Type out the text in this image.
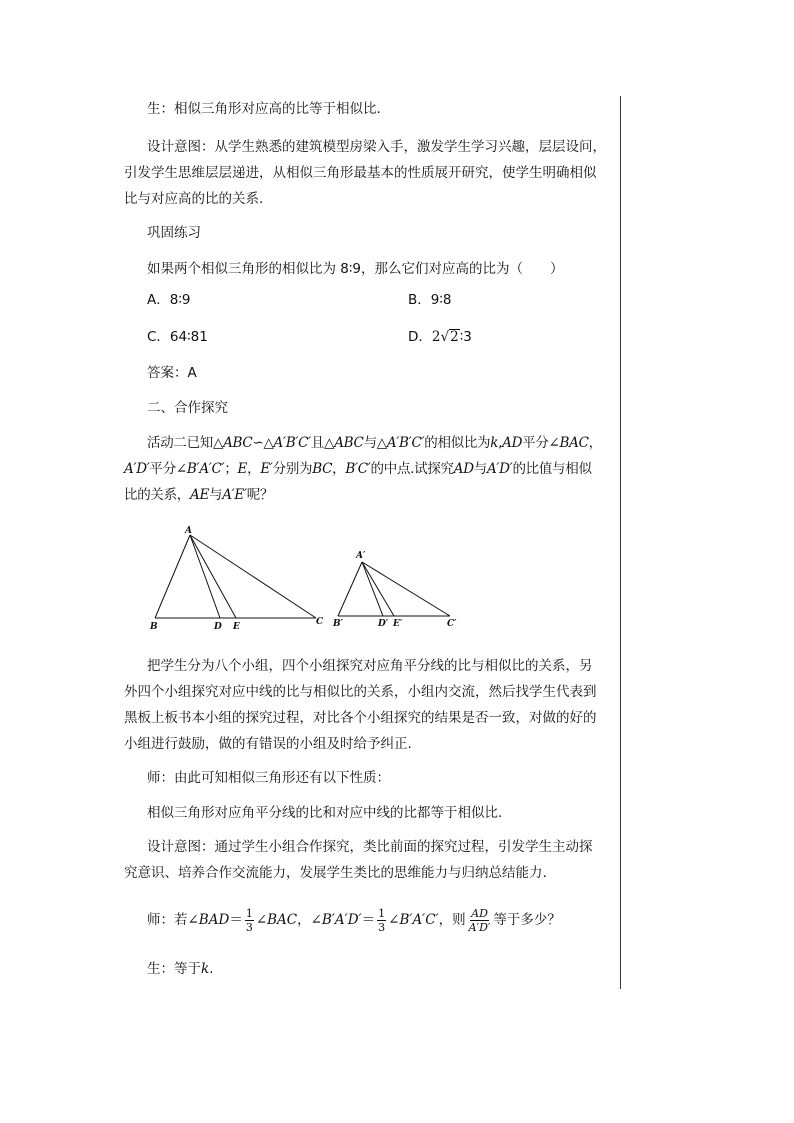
生：相似三角形对应高的比等于相似比.

设计意图：从学生熟悉的建筑模型房梁入手，激发学生学习兴趣，层层设问，

引发学生思维层层递进，从相似三角形最基本的性质展开研究，使学生明确相似

比与对应高的比的关系.

巩固练习

如果两个相似三角形的相似比为 8∶9，那么它们对应高的比为（　　）

A．8∶9	B．9∶8
C．64∶81	D．2√2∶3

答案：A

二、合作探究

活动二已知△ABC∽△A′B′C′且△ABC与△A′B′C′的相似比为k,AD平分∠BAC，
A′D′平分∠B′A′C′；E，E′分别为BC，B′C′的中点.试探究AD与A′D′的比值与相似
比的关系，AE与A′E′呢？
A
B	D E	C
A′
B′	D′ E′	C′

把学生分为八个小组，四个小组探究对应角平分线的比与相似比的关系，另

外四个小组探究对应中线的比与相似比的关系，小组内交流，然后找学生代表到

黑板上板书本小组的探究过程，对比各个小组探究的结果是否一致，对做的好的

小组进行鼓励，做的有错误的小组及时给予纠正.

师：由此可知相似三角形还有以下性质：

相似三角形对应角平分线的比和对应中线的比都等于相似比.

设计意图：通过学生小组合作探究，类比前面的探究过程，引发学生主动探

究意识、培养合作交流能力，发展学生类比的思维能力与归纳总结能力.

师：若∠BAD＝ $\frac{1}{3}$ ∠BAC，∠B′A′D′＝ $\frac{1}{3}$ ∠B′A′C′，则 $\frac{AD}{A'D'}$ 等于多少？
生：等于k.
